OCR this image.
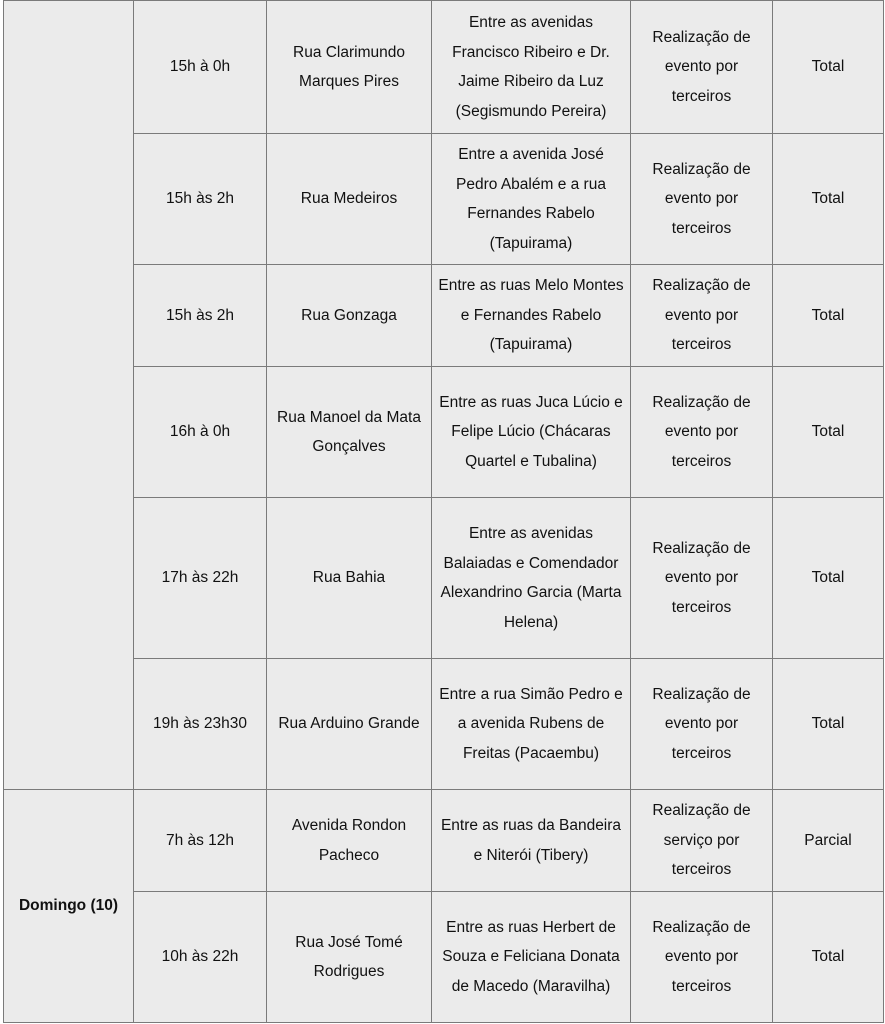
	15h à 0h	Rua Clarimundo Marques Pires	Entre as avenidas Francisco Ribeiro e Dr. Jaime Ribeiro da Luz (Segismundo Pereira)	Realização de evento por terceiros	Total
	15h às 2h	Rua Medeiros	Entre a avenida José Pedro Abalém e a rua Fernandes Rabelo (Tapuirama)	Realização de evento por terceiros	Total
	15h às 2h	Rua Gonzaga	Entre as ruas Melo Montes e Fernandes Rabelo (Tapuirama)	Realização de evento por terceiros	Total
	16h à 0h	Rua Manoel da Mata Gonçalves	Entre as ruas Juca Lúcio e Felipe Lúcio (Chácaras Quartel e Tubalina)	Realização de evento por terceiros	Total
	17h às 22h	Rua Bahia	Entre as avenidas Balaiadas e Comendador Alexandrino Garcia (Marta Helena)	Realização de evento por terceiros	Total
	19h às 23h30	Rua Arduino Grande	Entre a rua Simão Pedro e a avenida Rubens de Freitas (Pacaembu)	Realização de evento por terceiros	Total
Domingo (10)	7h às 12h	Avenida Rondon Pacheco	Entre as ruas da Bandeira e Niterói (Tibery)	Realização de serviço por terceiros	Parcial
	10h às 22h	Rua José Tomé Rodrigues	Entre as ruas Herbert de Souza e Feliciana Donata de Macedo (Maravilha)	Realização de evento por terceiros	Total
